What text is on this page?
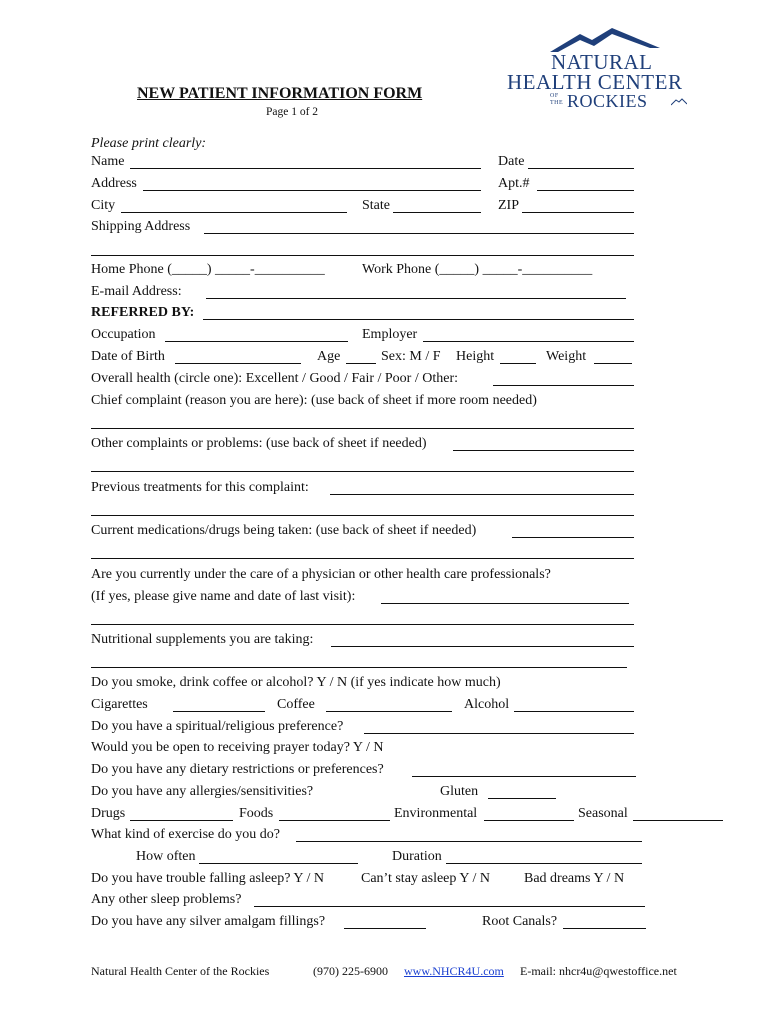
NEW PATIENT INFORMATION FORM
Page 1 of 2
NATURAL
HEALTH CENTER
OF
THE ROCKIES
Please print clearly:
Name	Date
Address	Apt.#
City	State	ZIP
Shipping Address
Home Phone (_____) _____-__________	Work Phone (_____) _____-__________
E-mail Address:
REFERRED BY:
Occupation	Employer
Date of Birth	Age	Sex: M / F Height	Weight
Overall health (circle one): Excellent / Good / Fair / Poor / Other:
Chief complaint (reason you are here): (use back of sheet if more room needed)
Other complaints or problems: (use back of sheet if needed)
Previous treatments for this complaint:
Current medications/drugs being taken: (use back of sheet if needed)
Are you currently under the care of a physician or other health care professionals?
(If yes, please give name and date of last visit):
Nutritional supplements you are taking:
Do you smoke, drink coffee or alcohol? Y / N (if yes indicate how much)
Cigarettes	Coffee	Alcohol
Do you have a spiritual/religious preference?
Would you be open to receiving prayer today? Y / N
Do you have any dietary restrictions or preferences?
Do you have any allergies/sensitivities?	Gluten
Drugs	Foods	Environmental	Seasonal
What kind of exercise do you do?
How often	Duration
Do you have trouble falling asleep? Y / N	Can’t stay asleep Y / N Bad dreams Y / N
Any other sleep problems?
Do you have any silver amalgam fillings?	Root Canals?
Natural Health Center of the Rockies	(970) 225-6900 www.NHCR4U.com E-mail: nhcr4u@qwestoffice.net
